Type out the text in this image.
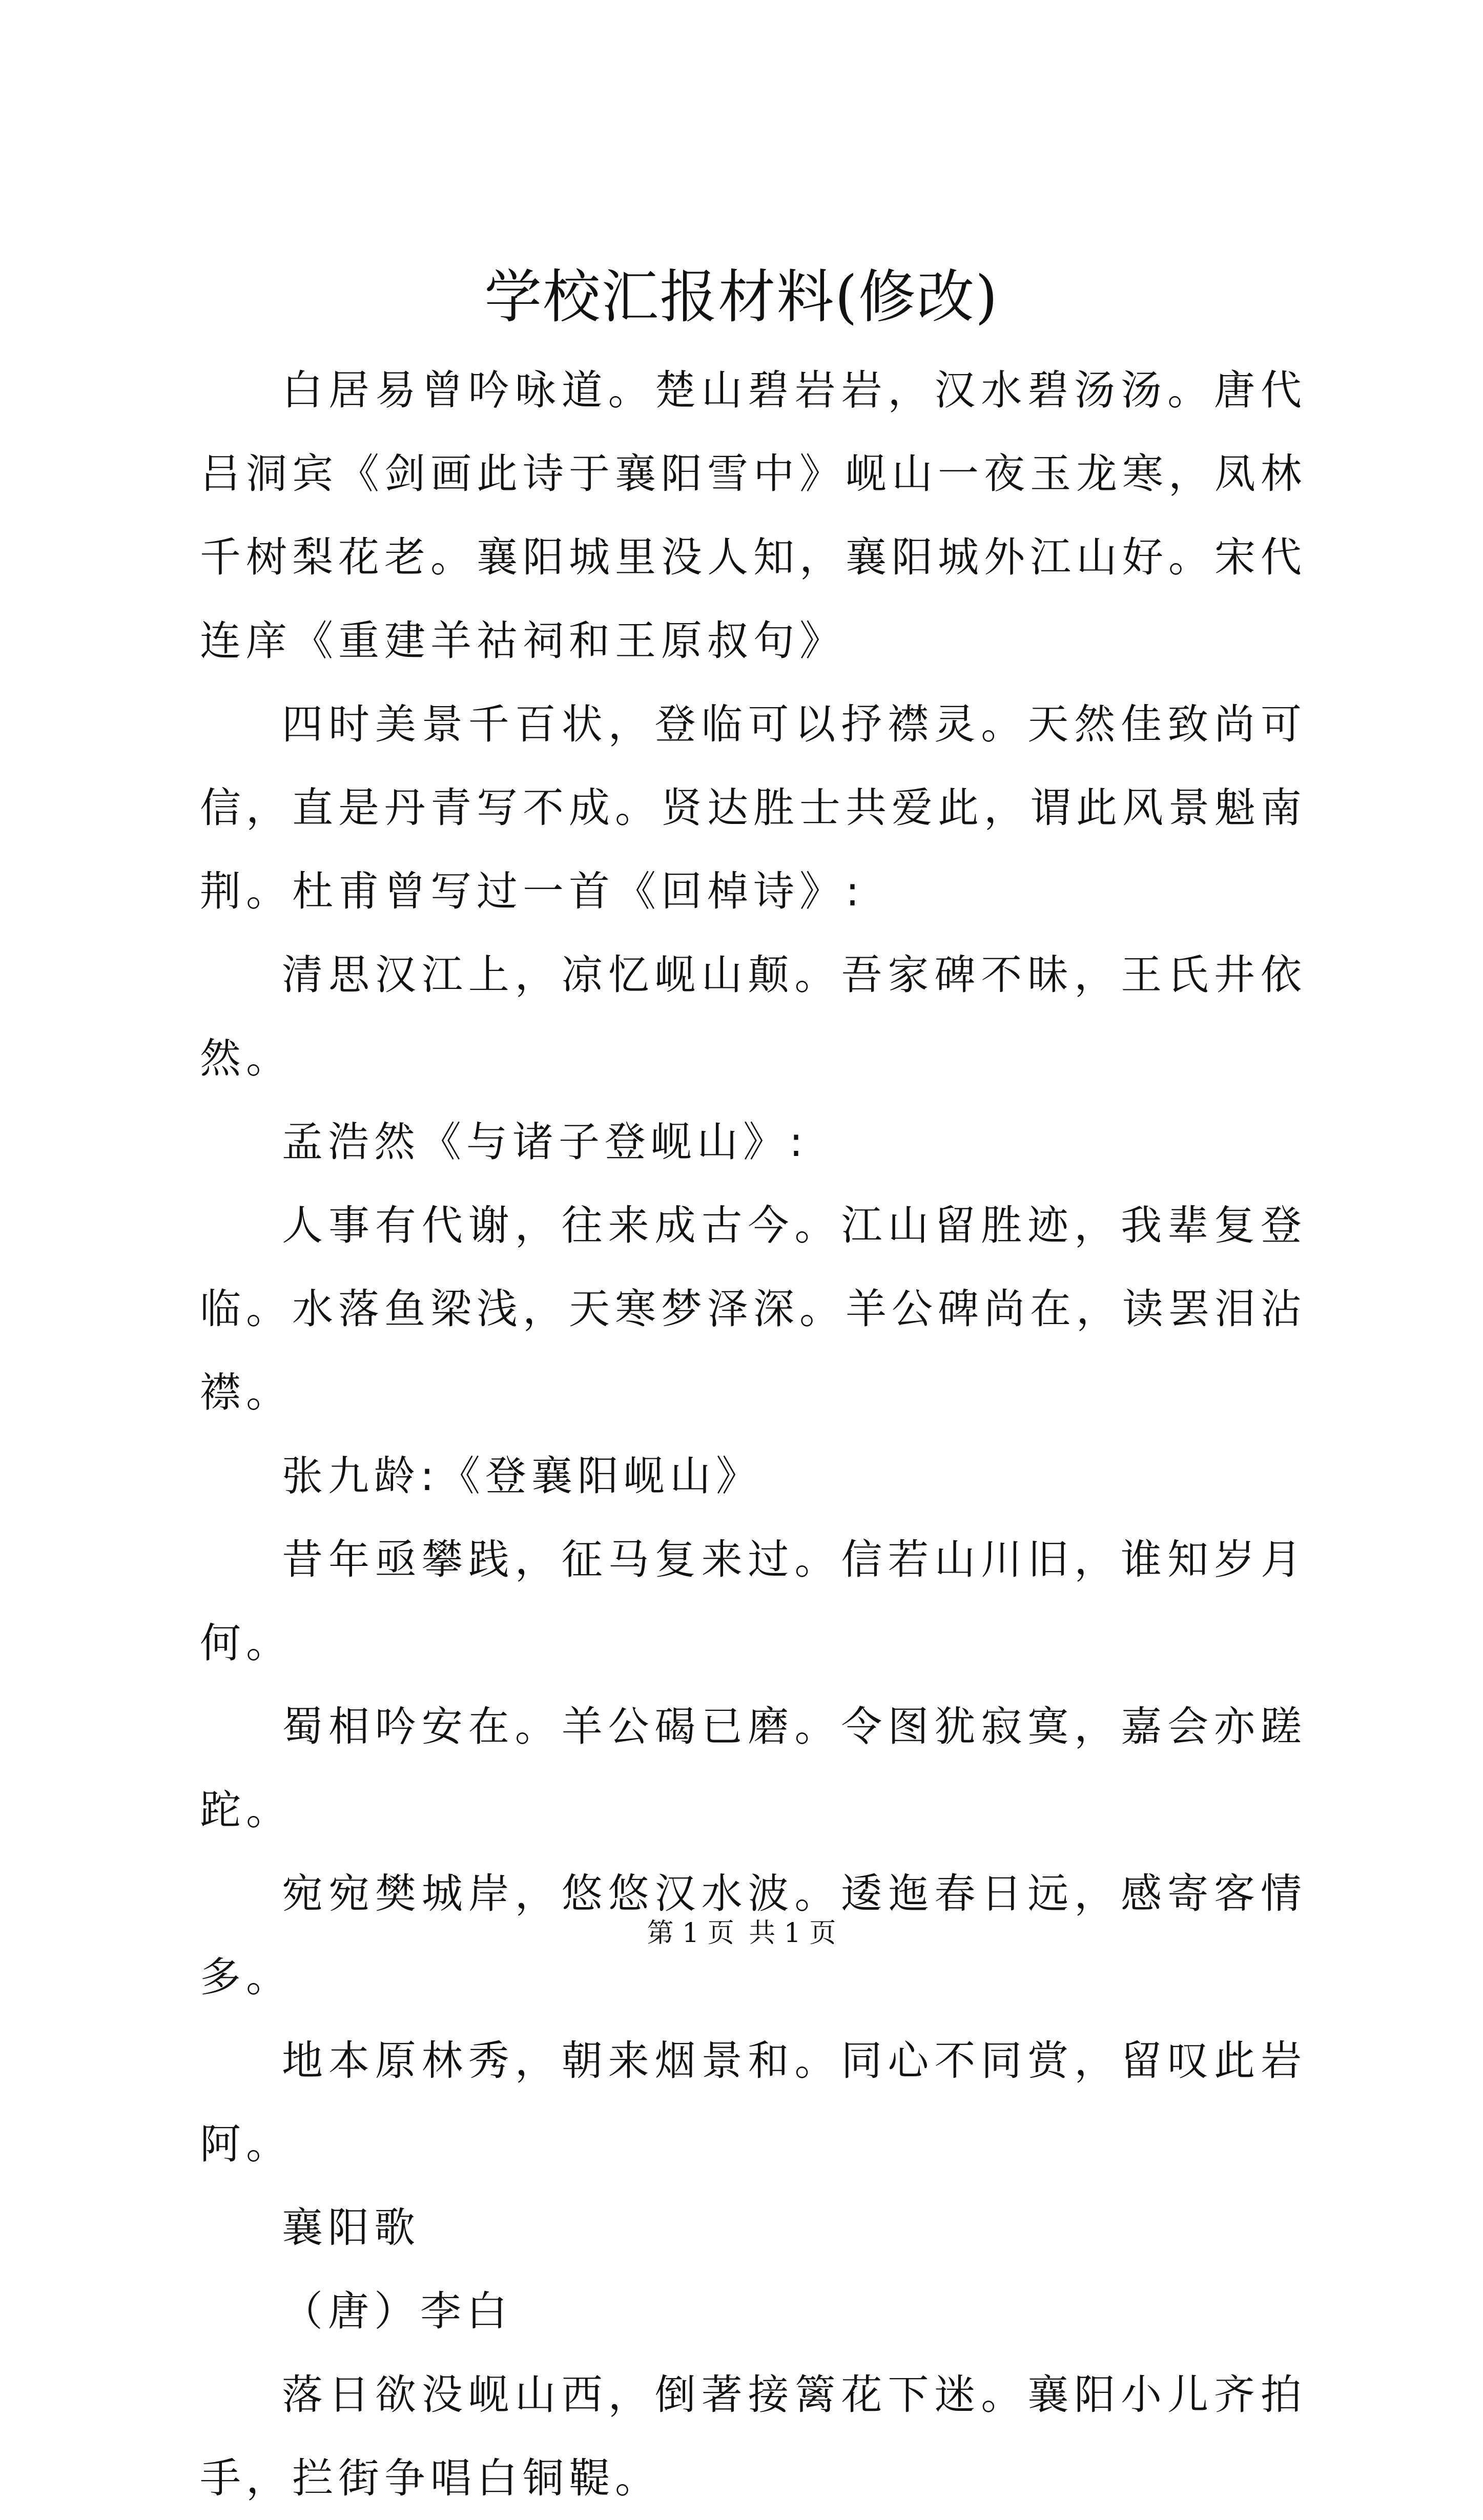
学校汇报材料(修改)

白居易曾吟咏道。楚山碧岩岩，汉水碧汤汤。唐代吕洞宾《剑画此诗于襄阳雪中》岘山一夜玉龙寒，凤林千树梨花老。襄阳城里没人知，襄阳城外江山好。宋代连庠《重建羊祜祠和王原叔句》

四时美景千百状，登临可以抒襟灵。天然佳致尚可信，直是丹青写不成。贤达胜士共爱此，谓此风景魁南荆。杜甫曾写过一首《回棹诗》:

清思汉江上，凉忆岘山颠。吾家碑不昧，王氏井依然。

孟浩然《与诸子登岘山》:

人事有代谢，往来成古今。江山留胜迹，我辈复登临。水落鱼梁浅，天寒梦泽深。羊公碑尚在，读罢泪沾襟。

张九龄:《登襄阳岘山》

昔年亟攀践，征马复来过。信若山川旧，谁知岁月何。

蜀相吟安在。羊公碣已磨。令图犹寂寞，嘉会亦蹉跎。

宛宛樊城岸，悠悠汉水波。逶迤春日远，感寄客情多。

地本原林秀，朝来烟景和。同心不同赏，留叹此岩阿。

襄阳歌

（唐）李白

落日欲没岘山西，倒著接篱花下迷。襄阳小儿齐拍手，拦街争唱白铜鞮。

第 1 页 共 1 页
